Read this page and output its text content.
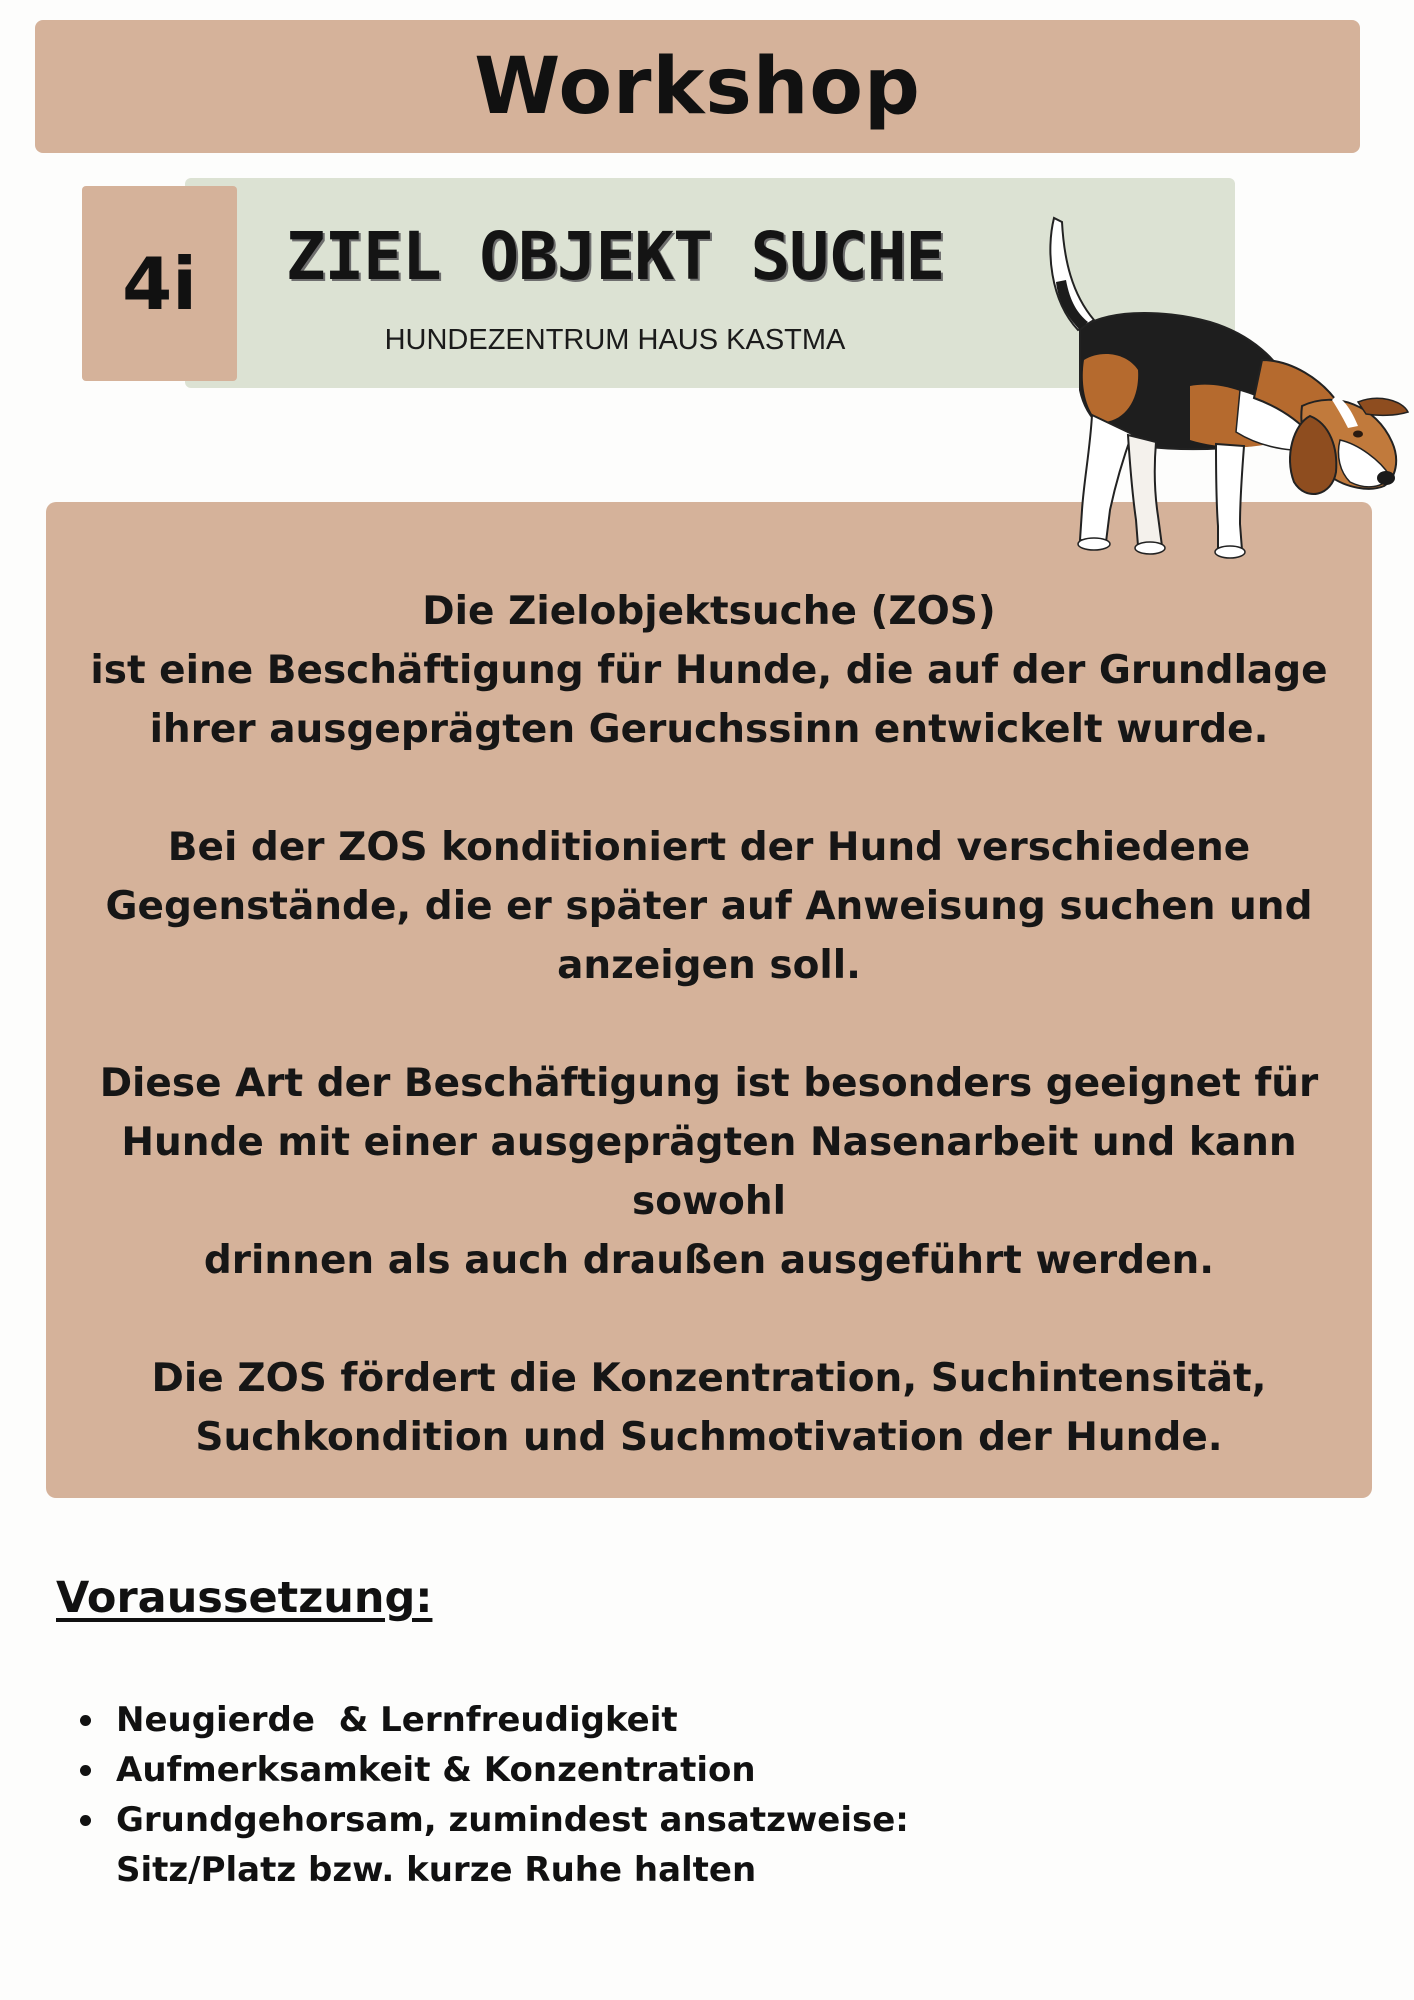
Workshop
ZIEL OBJEKT SUCHE
HUNDEZENTRUM HAUS KASTMA
4i

Die Zielobjektsuche (ZOS)
ist eine Beschäftigung für Hunde, die auf der Grundlage
ihrer ausgeprägten Geruchssinn entwickelt wurde.

Bei der ZOS konditioniert der Hund verschiedene
Gegenstände, die er später auf Anweisung suchen und
anzeigen soll.

Diese Art der Beschäftigung ist besonders geeignet für
Hunde mit einer ausgeprägten Nasenarbeit und kann sowohl
drinnen als auch draußen ausgeführt werden.

Die ZOS fördert die Konzentration, Suchintensität,
Suchkondition und Suchmotivation der Hunde.

Voraussetzung:
Neugierde  & Lernfreudigkeit
Aufmerksamkeit & Konzentration
Grundgehorsam, zumindest ansatzweise:
Sitz/Platz bzw. kurze Ruhe halten
